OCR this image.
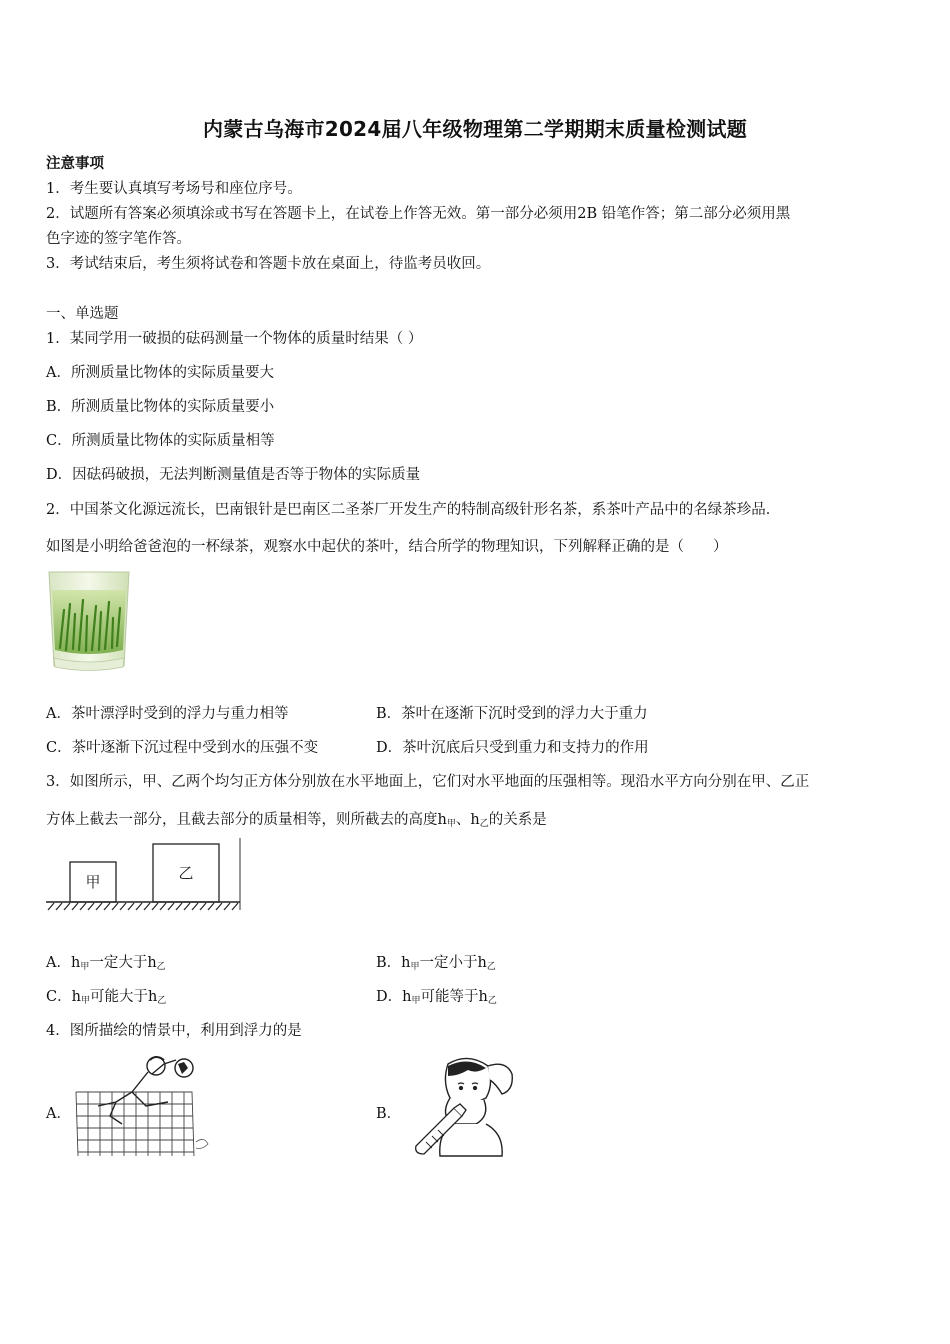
内蒙古乌海市2024届八年级物理第二学期期末质量检测试题
注意事项
1．考生要认真填写考场号和座位序号。
2．试题所有答案必须填涂或书写在答题卡上，在试卷上作答无效。第一部分必须用2B 铅笔作答；第二部分必须用黑
色字迹的签字笔作答。
3．考试结束后，考生须将试卷和答题卡放在桌面上，待监考员收回。
一、单选题
1．某同学用一破损的砝码测量一个物体的质量时结果（ ）
A．所测质量比物体的实际质量要大
B．所测质量比物体的实际质量要小
C．所测质量比物体的实际质量相等
D．因砝码破损，无法判断测量值是否等于物体的实际质量
2．中国茶文化源远流长，巴南银针是巴南区二圣茶厂开发生产的特制高级针形名茶，系茶叶产品中的名绿茶珍品．
如图是小明给爸爸泡的一杯绿茶，观察水中起伏的茶叶，结合所学的物理知识，下列解释正确的是（　　）
A．茶叶漂浮时受到的浮力与重力相等	B．茶叶在逐渐下沉时受到的浮力大于重力
C．茶叶逐渐下沉过程中受到水的压强不变	D．茶叶沉底后只受到重力和支持力的作用
3．如图所示，甲、乙两个均匀正方体分别放在水平地面上，它们对水平地面的压强相等。现沿水平方向分别在甲、乙正
方体上截去一部分，且截去部分的质量相等，则所截去的高度$h_甲$、$h_乙$的关系是
甲	乙
A．$h_甲$一定大于$h_乙$	B．$h_甲$一定小于$h_乙$
C．$h_甲$可能大于$h_乙$	D．$h_甲$可能等于$h_乙$
4．图所描绘的情景中，利用到浮力的是
A．	B．
